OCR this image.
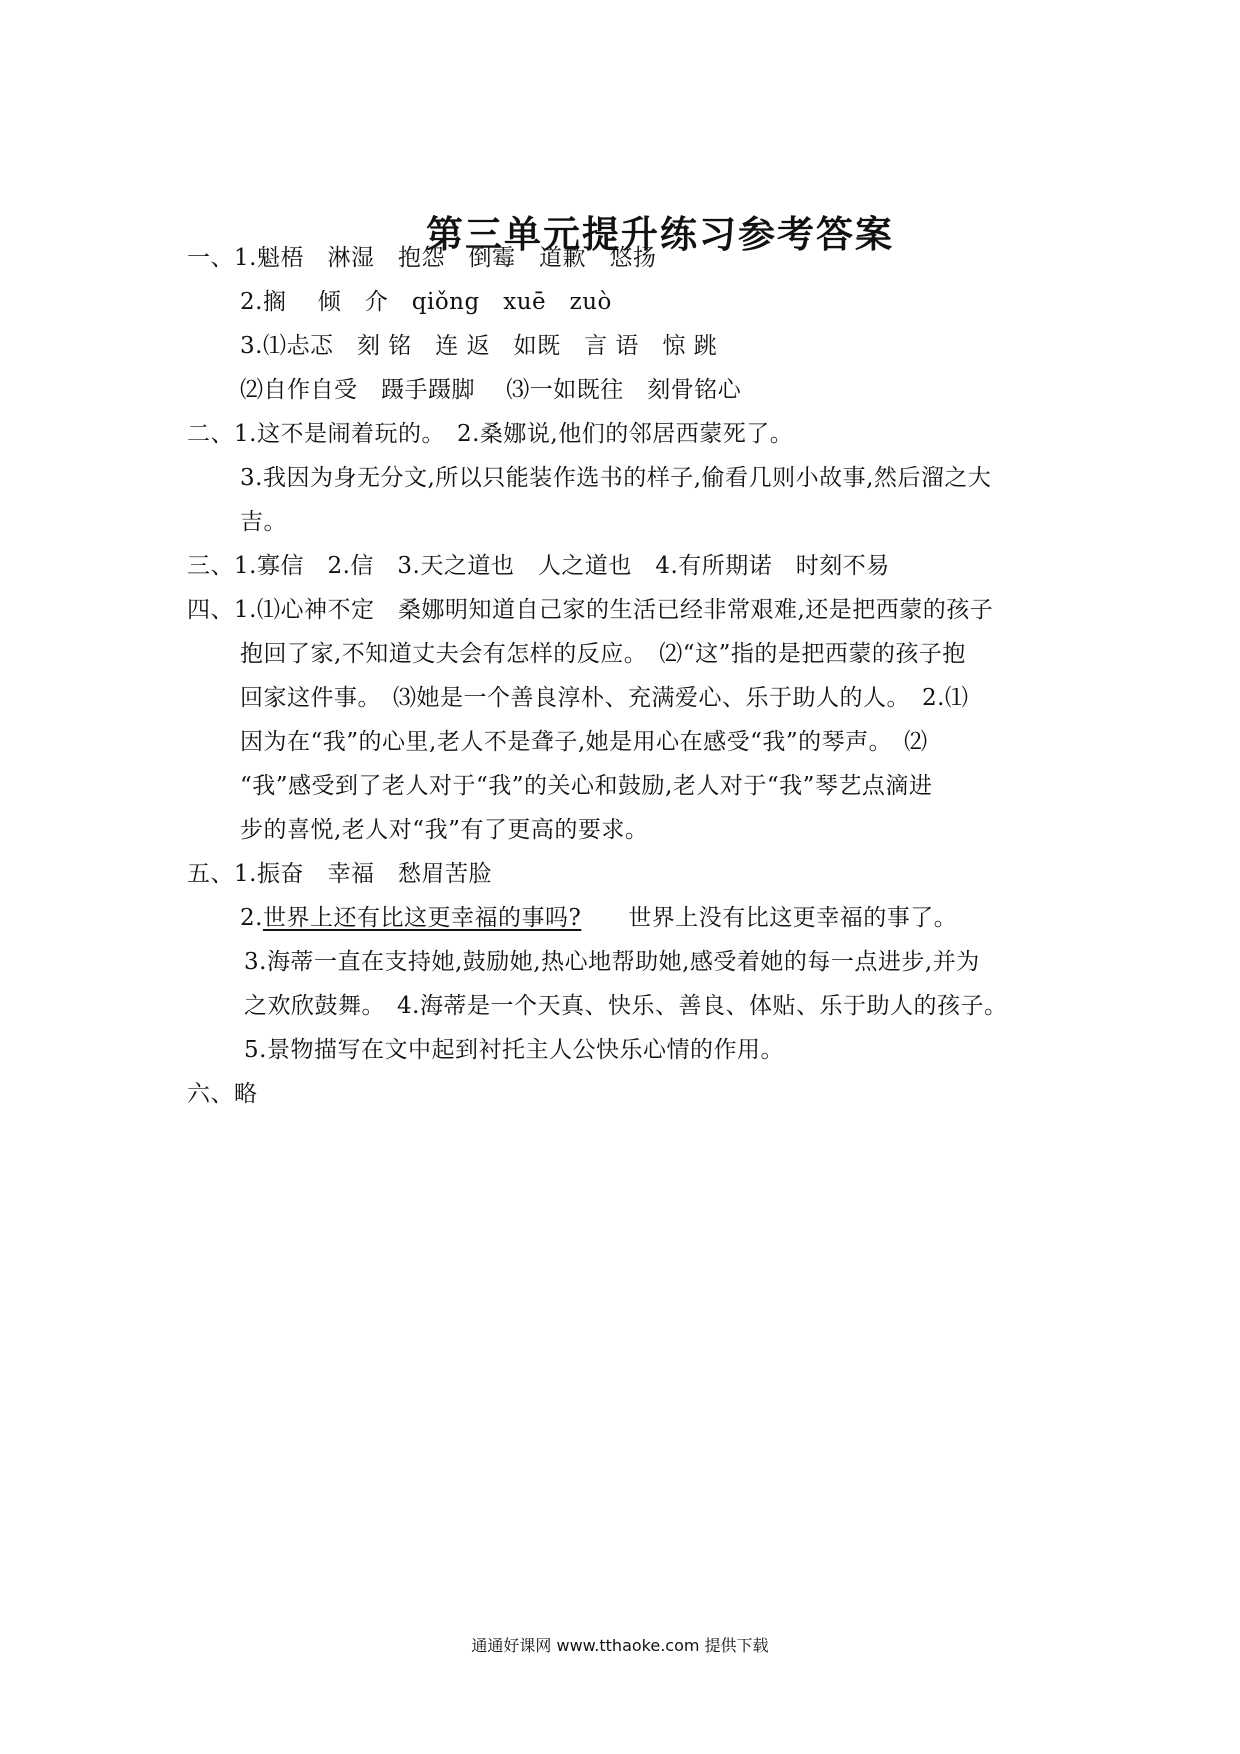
第三单元提升练习参考答案
一、1.魁梧　淋湿　抱怨　倒霉　道歉　悠扬
2.搁　 倾　介　qiǒng　xuē　zuò
3.⑴忐忑　刻 铭　连 返　如既　言 语　惊 跳
⑵自作自受　蹑手蹑脚　 ⑶一如既往　刻骨铭心
二、1.这不是闹着玩的。　2.桑娜说,他们的邻居西蒙死了。
3.我因为身无分文,所以只能装作选书的样子,偷看几则小故事,然后溜之大
吉。
三、1.寡信　2.信　3.天之道也　人之道也　4.有所期诺　时刻不易
四、1.⑴心神不定　桑娜明知道自己家的生活已经非常艰难,还是把西蒙的孩子
抱回了家,不知道丈夫会有怎样的反应。　⑵“这”指的是把西蒙的孩子抱
回家这件事。　⑶她是一个善良淳朴、充满爱心、乐于助人的人。　2.⑴
因为在“我”的心里,老人不是聋子,她是用心在感受“我”的琴声。　⑵
“我”感受到了老人对于“我”的关心和鼓励,老人对于“我”琴艺点滴进
步的喜悦,老人对“我”有了更高的要求。
五、1.振奋　幸福　愁眉苦脸
2.世界上还有比这更幸福的事吗?　　世界上没有比这更幸福的事了。
3.海蒂一直在支持她,鼓励她,热心地帮助她,感受着她的每一点进步,并为
之欢欣鼓舞。　4.海蒂是一个天真、快乐、善良、体贴、乐于助人的孩子。
5.景物描写在文中起到衬托主人公快乐心情的作用。
六、略
通通好课网 www.tthaoke.com 提供下载
